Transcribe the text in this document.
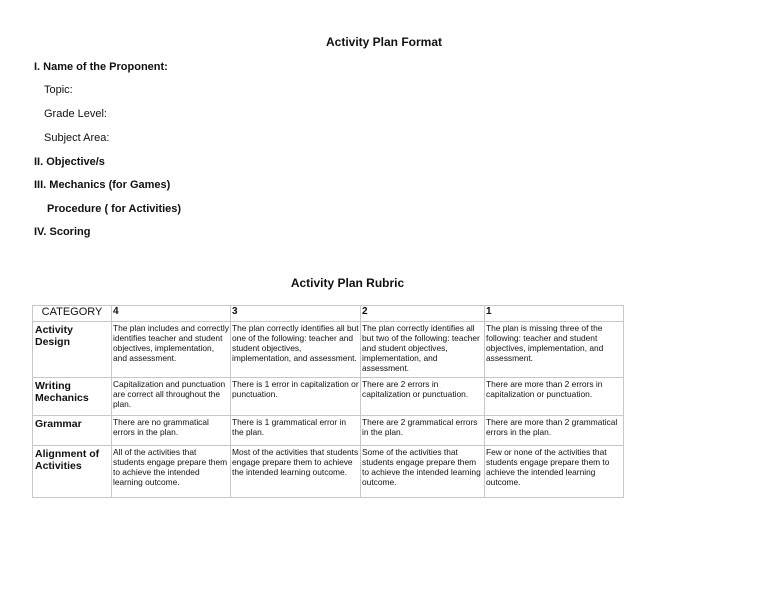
Activity Plan Format
I. Name of the Proponent:
Topic:
Grade Level:
Subject Area:
II. Objective/s
III. Mechanics (for Games)
Procedure ( for Activities)
IV. Scoring
Activity Plan Rubric
CATEGORY	4	3	2	1
Activity Design	The plan includes and correctly identifies teacher and student objectives, implementation, and assessment.	The plan correctly identifies all but one of the following: teacher and student objectives, implementation, and assessment.	The plan correctly identifies all but two of the following: teacher and student objectives, implementation, and assessment.	The plan is missing three of the following: teacher and student objectives, implementation, and assessment.
Writing Mechanics	Capitalization and punctuation are correct all throughout the plan.	There is 1 error in capitalization or punctuation.	There are 2 errors in capitalization or punctuation.	There are more than 2 errors in capitalization or punctuation.
Grammar	There are no grammatical errors in the plan.	There is 1 grammatical error in the plan.	There are 2 grammatical errors in the plan.	There are more than 2 grammatical errors in the plan.
Alignment of Activities	All of the activities that students engage prepare them to achieve the intended learning outcome.	Most of the activities that students engage prepare them to achieve the intended learning outcome.	Some of the activities that students engage prepare them to achieve the intended learning outcome.	Few or none of the activities that students engage prepare them to achieve the intended learning outcome.
